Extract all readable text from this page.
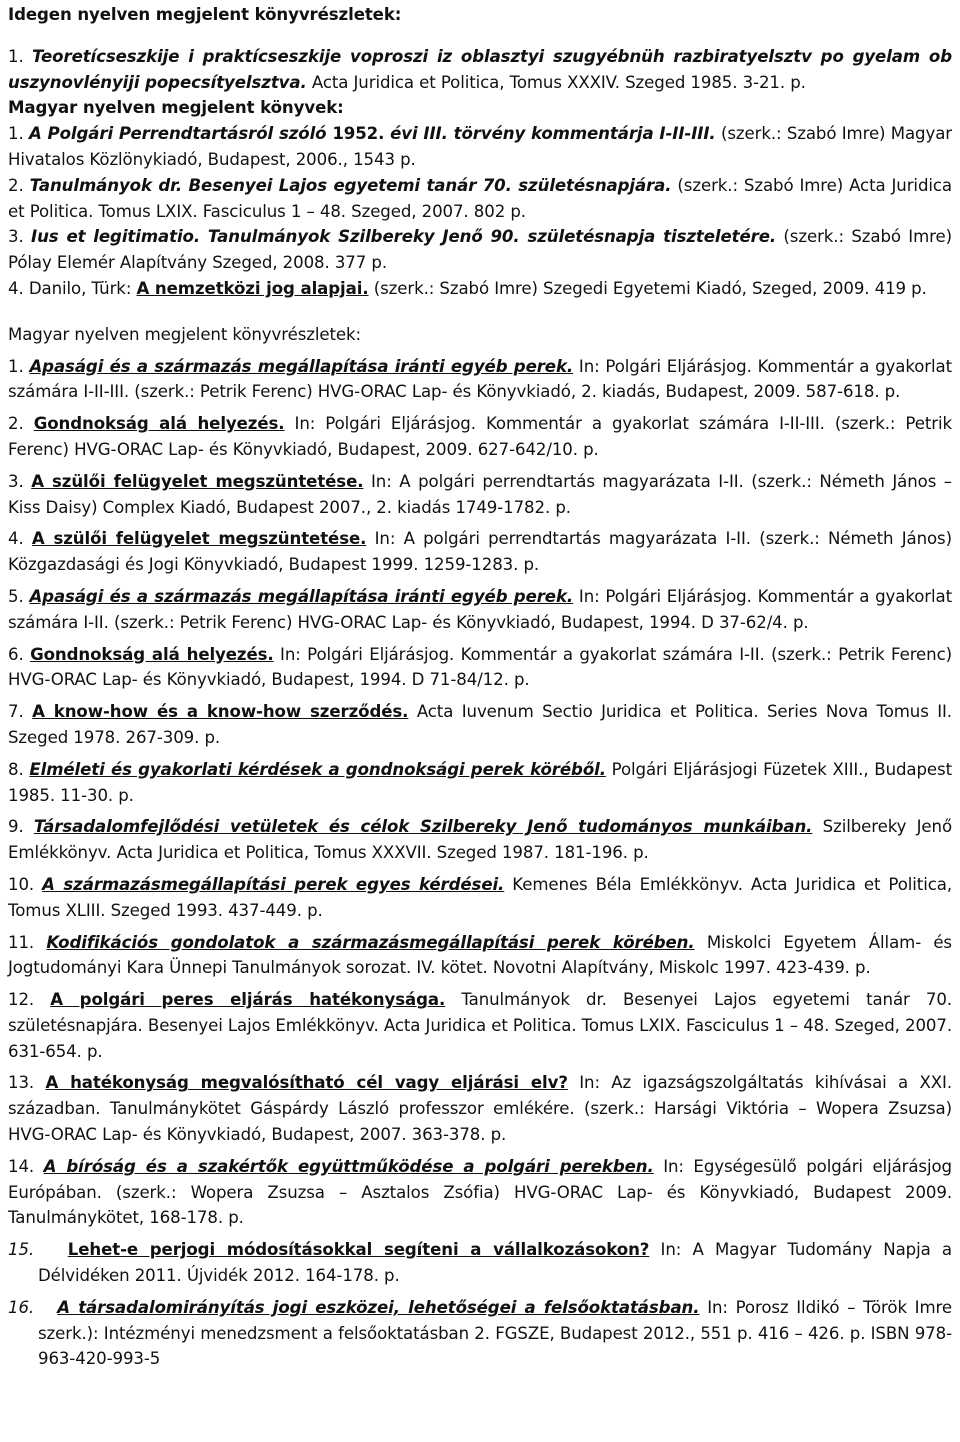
Idegen nyelven megjelent könyvrészletek:
1. Teoretícseszkije i praktícseszkije voproszi iz oblasztyi szugyébnüh razbiratyelsztv po gyelam ob uszynovlényiji popecsítyelsztva. Acta Juridica et Politica, Tomus XXXIV. Szeged 1985. 3-21. p.
Magyar nyelven megjelent könyvek:
1. A Polgári Perrendtartásról szóló 1952. évi III. törvény kommentárja I-II-III. (szerk.: Szabó Imre) Magyar Hivatalos Közlönykiadó, Budapest, 2006., 1543 p.
2. Tanulmányok dr. Besenyei Lajos egyetemi tanár 70. születésnapjára. (szerk.: Szabó Imre) Acta Juridica et Politica. Tomus LXIX. Fasciculus 1 – 48. Szeged, 2007. 802 p.
3. Ius et legitimatio. Tanulmányok Szilbereky Jenő 90. születésnapja tiszteletére. (szerk.: Szabó Imre) Pólay Elemér Alapítvány Szeged, 2008. 377 p.
4. Danilo, Türk: A nemzetközi jog alapjai. (szerk.: Szabó Imre) Szegedi Egyetemi Kiadó, Szeged, 2009. 419 p.
Magyar nyelven megjelent könyvrészletek:
1. Apasági és a származás megállapítása iránti egyéb perek. In: Polgári Eljárásjog. Kommentár a gyakorlat számára I-II-III. (szerk.: Petrik Ferenc) HVG-ORAC Lap- és Könyvkiadó, 2. kiadás, Budapest, 2009. 587-618. p.
2. Gondnokság alá helyezés. In: Polgári Eljárásjog. Kommentár a gyakorlat számára I-II-III. (szerk.: Petrik Ferenc) HVG-ORAC Lap- és Könyvkiadó, Budapest, 2009. 627-642/10. p.
3. A szülői felügyelet megszüntetése. In: A polgári perrendtartás magyarázata I-II. (szerk.: Németh János – Kiss Daisy) Complex Kiadó, Budapest 2007., 2. kiadás 1749-1782. p.
4. A szülői felügyelet megszüntetése. In: A polgári perrendtartás magyarázata I-II. (szerk.: Németh János) Közgazdasági és Jogi Könyvkiadó, Budapest 1999. 1259-1283. p.
5. Apasági és a származás megállapítása iránti egyéb perek. In: Polgári Eljárásjog. Kommentár a gyakorlat számára I-II. (szerk.: Petrik Ferenc) HVG-ORAC Lap- és Könyvkiadó, Budapest, 1994. D 37-62/4. p.
6. Gondnokság alá helyezés. In: Polgári Eljárásjog. Kommentár a gyakorlat számára I-II. (szerk.: Petrik Ferenc) HVG-ORAC Lap- és Könyvkiadó, Budapest, 1994. D 71-84/12. p.
7. A know-how és a know-how szerződés. Acta Iuvenum Sectio Juridica et Politica. Series Nova Tomus II. Szeged 1978. 267-309. p.
8. Elméleti és gyakorlati kérdések a gondnoksági perek köréből. Polgári Eljárásjogi Füzetek XIII., Budapest 1985. 11-30. p.
9. Társadalomfejlődési vetületek és célok Szilbereky Jenő tudományos munkáiban. Szilbereky Jenő Emlékkönyv. Acta Juridica et Politica, Tomus XXXVII. Szeged 1987. 181-196. p.
10. A származásmegállapítási perek egyes kérdései. Kemenes Béla Emlékkönyv. Acta Juridica et Politica, Tomus XLIII. Szeged 1993. 437-449. p.
11. Kodifikációs gondolatok a származásmegállapítási perek körében. Miskolci Egyetem Állam- és Jogtudományi Kara Ünnepi Tanulmányok sorozat. IV. kötet. Novotni Alapítvány, Miskolc 1997. 423-439. p.
12. A polgári peres eljárás hatékonysága. Tanulmányok dr. Besenyei Lajos egyetemi tanár 70. születésnapjára. Besenyei Lajos Emlékkönyv. Acta Juridica et Politica. Tomus LXIX. Fasciculus 1 – 48. Szeged, 2007. 631-654. p.
13. A hatékonyság megvalósítható cél vagy eljárási elv? In: Az igazságszolgáltatás kihívásai a XXI. században. Tanulmánykötet Gáspárdy László professzor emlékére. (szerk.: Harsági Viktória – Wopera Zsuzsa) HVG-ORAC Lap- és Könyvkiadó, Budapest, 2007. 363-378. p.
14. A bíróság és a szakértők együttműködése a polgári perekben. In: Egységesülő polgári eljárásjog Európában. (szerk.: Wopera Zsuzsa – Asztalos Zsófia) HVG-ORAC Lap- és Könyvkiadó, Budapest 2009. Tanulmánykötet, 168-178. p.
15. Lehet-e perjogi módosításokkal segíteni a vállalkozásokon? In: A Magyar Tudomány Napja a Délvidéken 2011. Újvidék 2012. 164-178. p.
16. A társadalomirányítás jogi eszközei, lehetőségei a felsőoktatásban. In: Porosz Ildikó – Török Imre szerk.): Intézményi menedzsment a felsőoktatásban 2. FGSZE, Budapest 2012., 551 p. 416 – 426. p. ISBN 978-963-420-993-5
